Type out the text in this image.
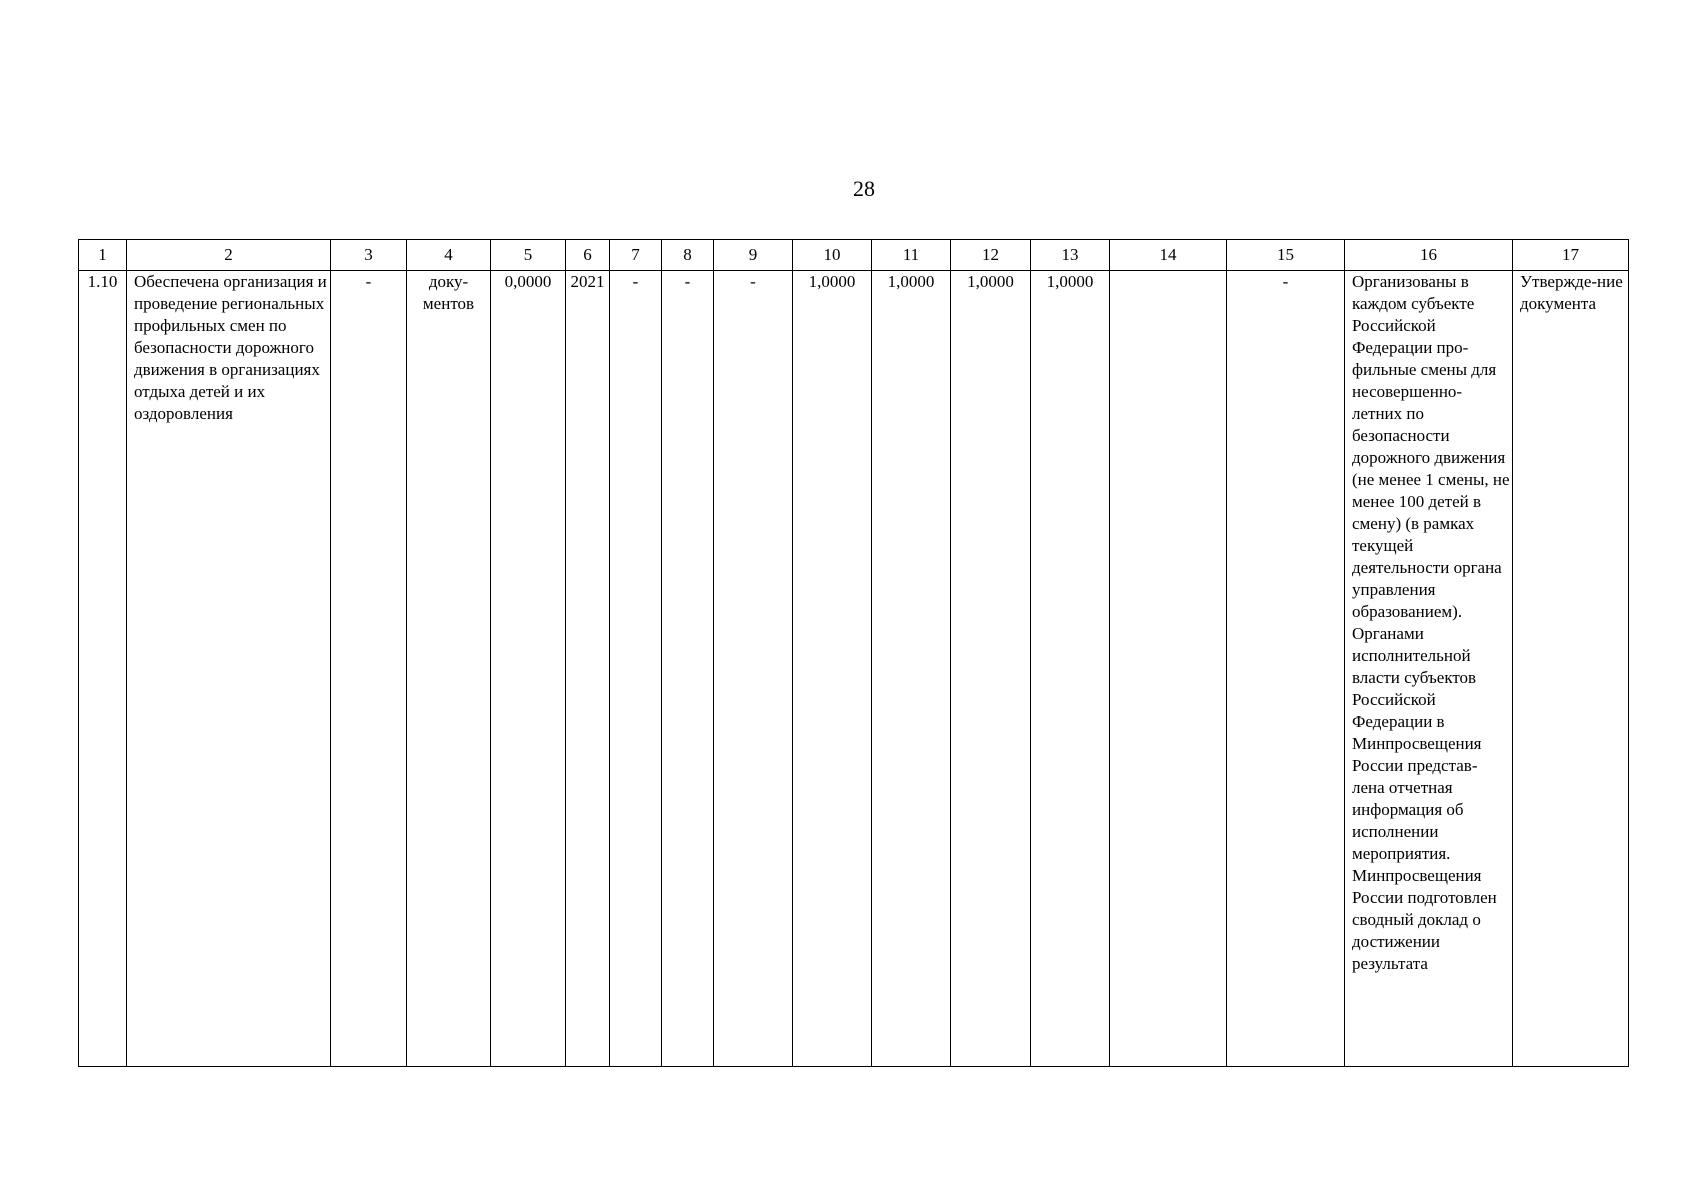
28
1	2	3	4	5	6	7	8	9	10	11	12	13	14	15	16	17
1.10	Обеспечена организация и проведение региональных профильных смен по безопасности дорожного движения в организациях отдыха детей и их оздоровления	-	доку-ментов	0,0000	2021	-	-	-	1,0000	1,0000	1,0000	1,0000		-	Организованы в каждом субъекте Российской Федерации про-фильные смены для несовершенно-летних по безопасности дорожного движения (не менее 1 смены, не менее 100 детей в смену) (в рамках текущей деятельности органа управления образованием). Органами исполнительной власти субъектов Российской Федерации в Минпросвещения России представ-лена отчетная информация об исполнении мероприятия. Минпросвещения России подготовлен сводный доклад о достижении результата	Утвержде-ние документа
